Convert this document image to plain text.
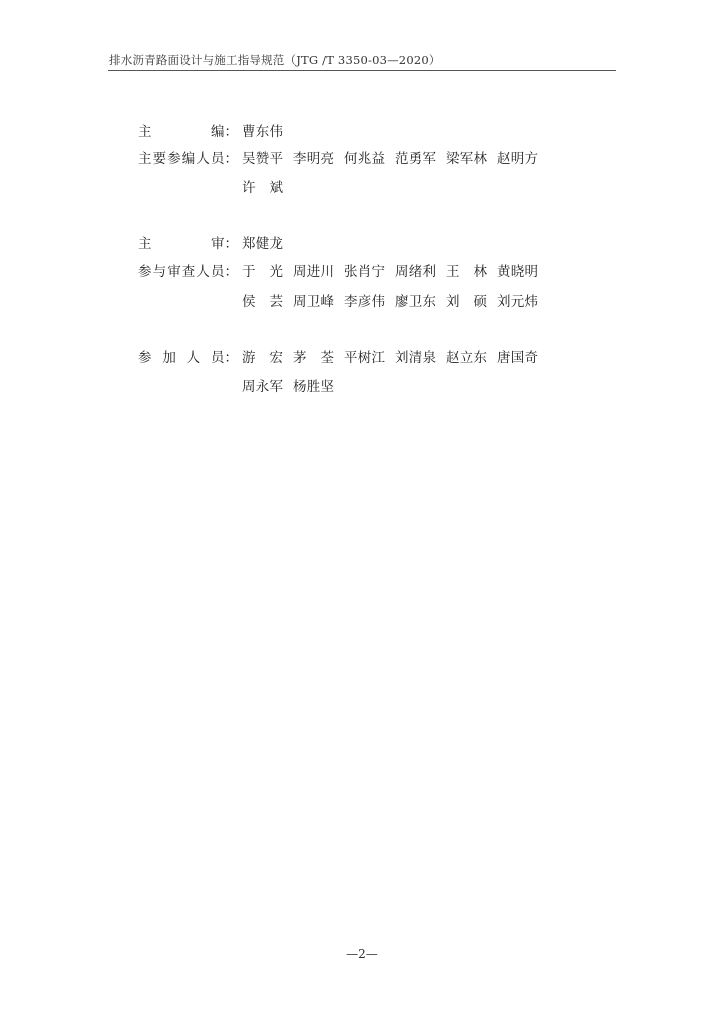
排水沥青路面设计与施工指导规范（JTG /T 3350-03—2020）
主	编： 曹 东 伟
主 要 参 编 人 员： 吴 赞 平 李 明 亮 何 兆 益 范 勇 军 梁 军 林 赵 明 方
许 斌
主	审： 郑 健 龙
参 与 审 查 人 员： 于 光 周 进 川 张 肖 宁 周 绪 利 王 林 黄 晓 明
侯 芸 周 卫 峰 李 彦 伟 廖 卫 东 刘 硕 刘 元 炜
参 加 人 员： 游 宏 茅 荃 平 树 江 刘 清 泉 赵 立 东 唐 国 奇
周 永 军 杨 胜 坚
—2—
